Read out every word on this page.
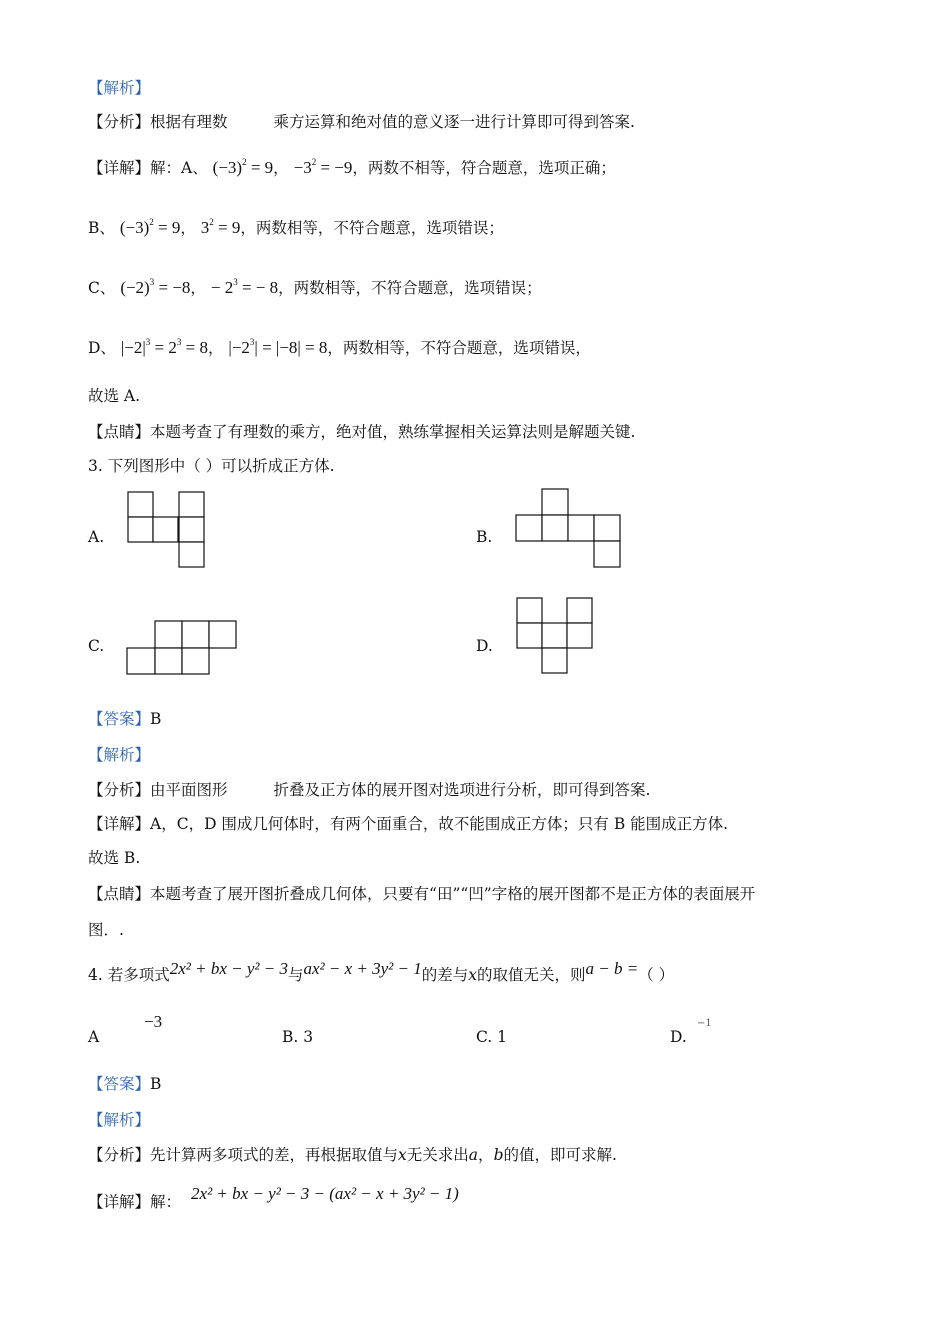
【解析】
【分析】根据有理数	乘方运算和绝对值的意义逐一进行计算即可得到答案.
【详解】解：A、 $(-3)^2 = 9$， $-3^2 = -9$，两数不相等，符合题意，选项正确；
B、 $(-3)^2 = 9$， $3^2 = 9$，两数相等，不符合题意，选项错误；
C、 $(-2)^3 = -8$， − $2^3$ = − 8，两数相等，不符合题意，选项错误；
D、 $|-2|^3 = 2^3 = 8$， $|-2^3| = |-8| = 8$，两数相等，不符合题意，选项错误，
故选 A.
【点睛】本题考查了有理数的乘方，绝对值，熟练掌握相关运算法则是解题关键.
3. 下列图形中（ ）可以折成正方体.
A.	B.
C.	D.
【答案】B
【解析】
【分析】由平面图形	折叠及正方体的展开图对选项进行分析，即可得到答案.
【详解】A，C，D 围成几何体时，有两个面重合，故不能围成正方体；只有 B 能围成正方体.
故选 B.
【点睛】本题考查了展开图折叠成几何体，只要有“田”“凹”字格的展开图都不是正方体的表面展开
图．.
4. 若多项式2x² + bx − y² − 3与ax² − x + 3y² − 1的差与x的取值无关，则a − b =（ ）
A
−3
B. 3	C. 1	D.
−1
【答案】B
【解析】
【分析】先计算两多项式的差，再根据取值与x无关求出a，b的值，即可求解.
【详解】解： 2x² + bx − y² − 3 − (ax² − x + 3y² − 1)
